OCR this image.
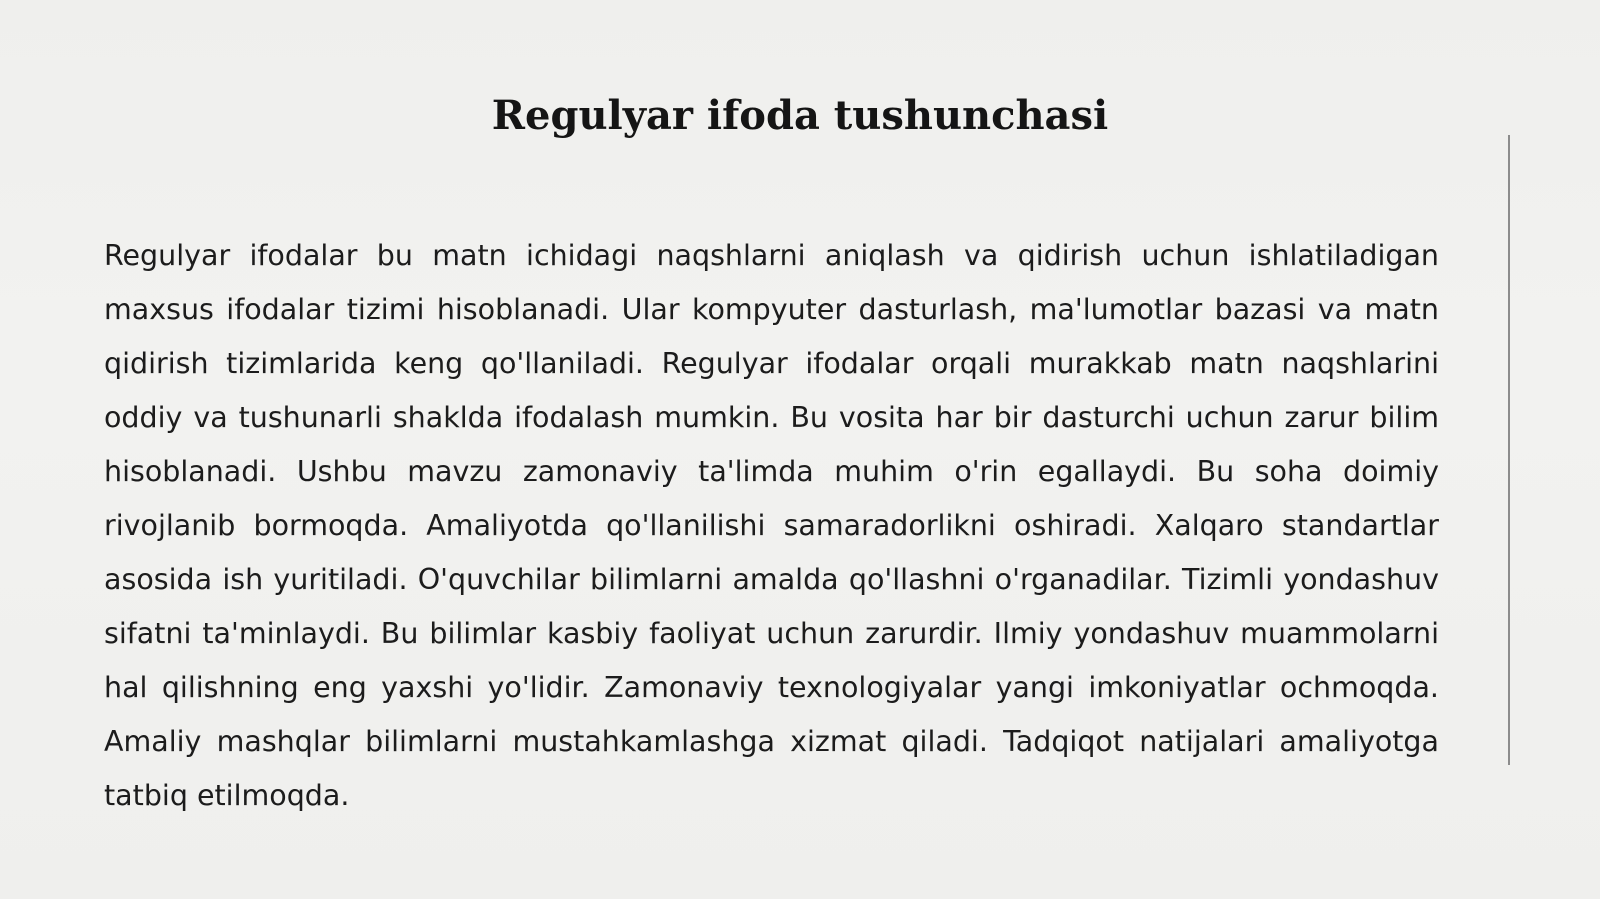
Regulyar ifoda tushunchasi

Regulyar ifodalar bu matn ichidagi naqshlarni aniqlash va qidirish uchun ishlatiladigan maxsus ifodalar tizimi hisoblanadi. Ular kompyuter dasturlash, ma'lumotlar bazasi va matn qidirish tizimlarida keng qo'llaniladi. Regulyar ifodalar orqali murakkab matn naqshlarini oddiy va tushunarli shaklda ifodalash mumkin. Bu vosita har bir dasturchi uchun zarur bilim hisoblanadi. Ushbu mavzu zamonaviy ta'limda muhim o'rin egallaydi. Bu soha doimiy rivojlanib bormoqda. Amaliyotda qo'llanilishi samaradorlikni oshiradi. Xalqaro standartlar asosida ish yuritiladi. O'quvchilar bilimlarni amalda qo'llashni o'rganadilar. Tizimli yondashuv sifatni ta'minlaydi. Bu bilimlar kasbiy faoliyat uchun zarurdir. Ilmiy yondashuv muammolarni hal qilishning eng yaxshi yo'lidir. Zamonaviy texnologiyalar yangi imkoniyatlar ochmoqda. Amaliy mashqlar bilimlarni mustahkamlashga xizmat qiladi. Tadqiqot natijalari amaliyotga tatbiq etilmoqda.
